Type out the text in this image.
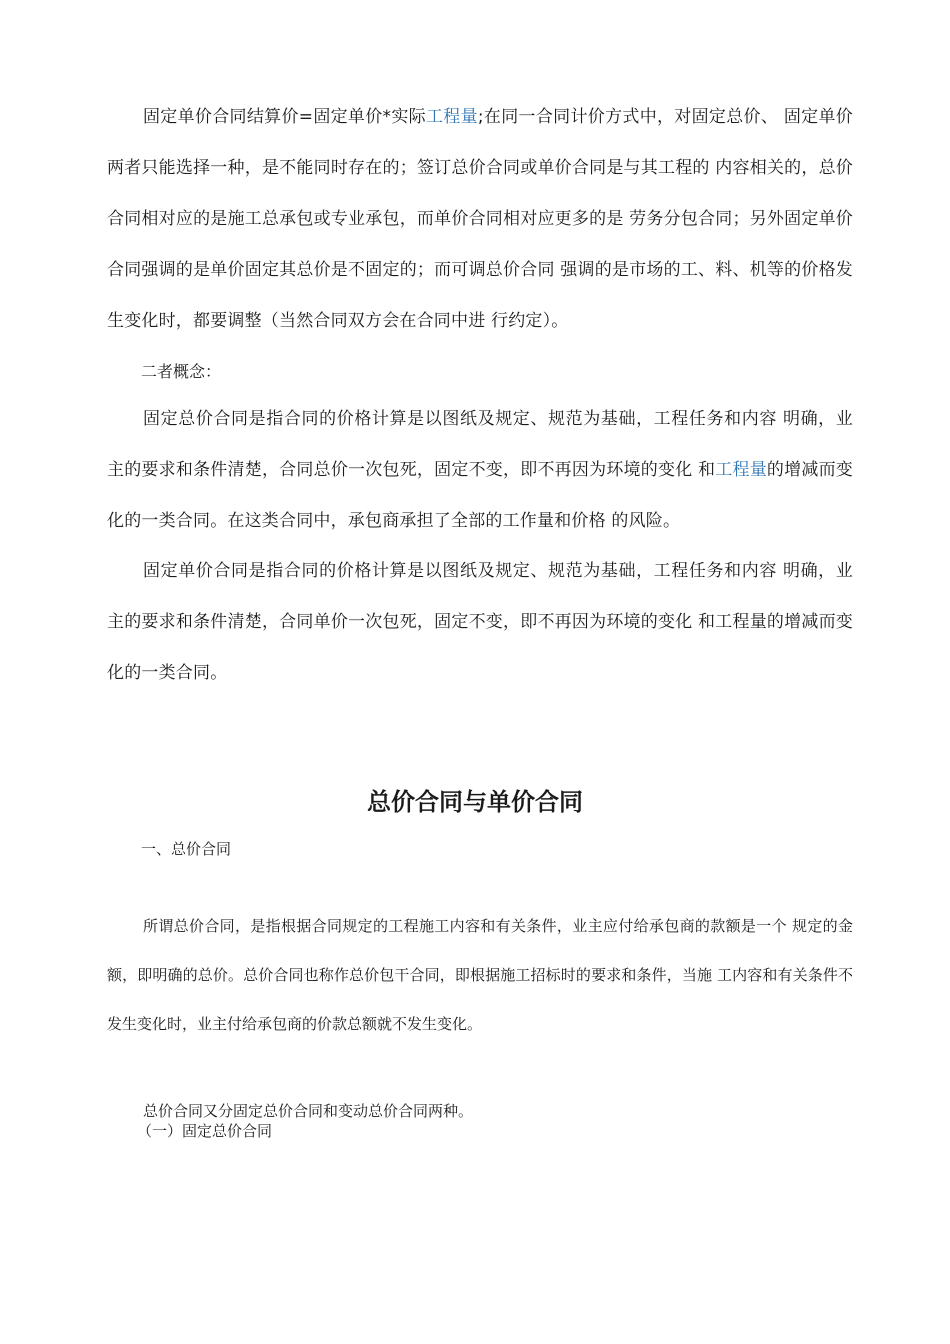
固定单价合同结算价=固定单价*实际工程量;在同一合同计价方式中，对固定总价、 固定单价两者只能选择一种，是不能同时存在的；签订总价合同或单价合同是与其工程的 内容相关的，总价合同相对应的是施工总承包或专业承包，而单价合同相对应更多的是 劳务分包合同；另外固定单价合同强调的是单价固定其总价是不固定的；而可调总价合同 强调的是市场的工、料、机等的价格发生变化时，都要调整（当然合同双方会在合同中进 行约定）。

二者概念：

固定总价合同是指合同的价格计算是以图纸及规定、规范为基础，工程任务和内容 明确，业主的要求和条件清楚，合同总价一次包死，固定不变，即不再因为环境的变化 和工程量的增减而变化的一类合同。在这类合同中，承包商承担了全部的工作量和价格 的风险。

固定单价合同是指合同的价格计算是以图纸及规定、规范为基础，工程任务和内容 明确，业主的要求和条件清楚，合同单价一次包死，固定不变，即不再因为环境的变化 和工程量的增减而变化的一类合同。

总价合同与单价合同

一、总价合同

所谓总价合同，是指根据合同规定的工程施工内容和有关条件，业主应付给承包商的款额是一个 规定的金额，即明确的总价。总价合同也称作总价包干合同，即根据施工招标时的要求和条件，当施 工内容和有关条件不发生变化时，业主付给承包商的价款总额就不发生变化。

总价合同又分固定总价合同和变动总价合同两种。

（一）固定总价合同
